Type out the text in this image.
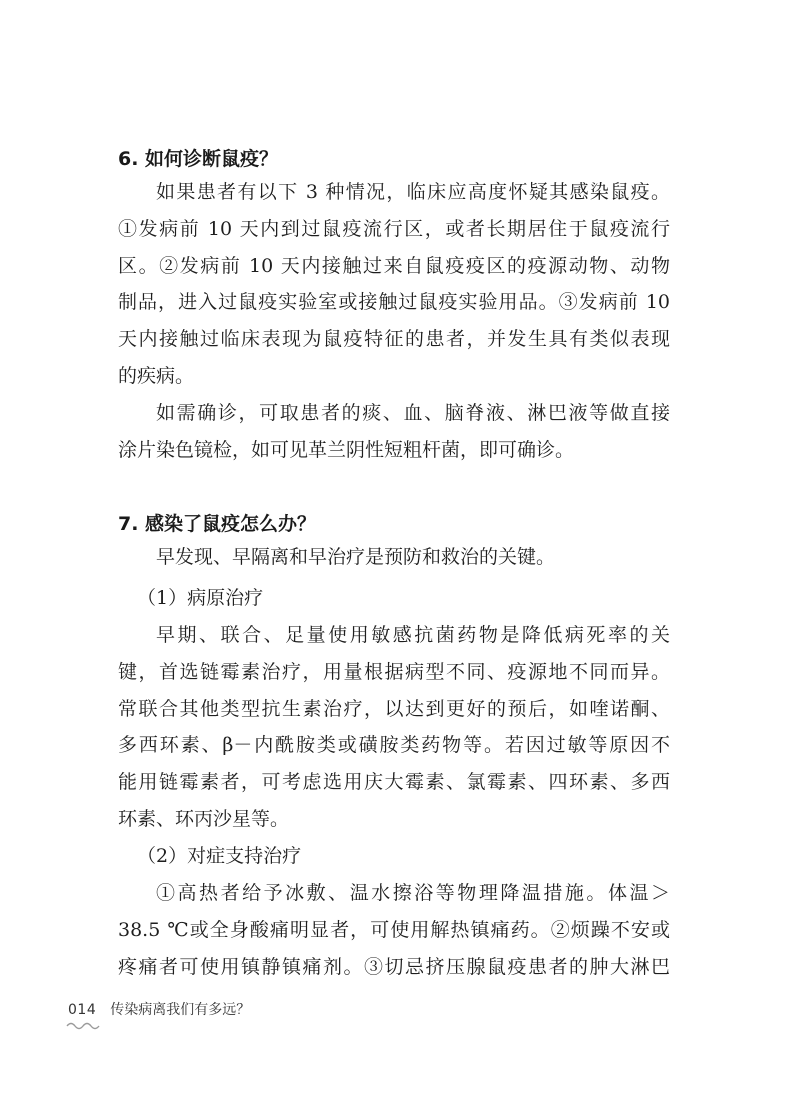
6. 如何诊断鼠疫？
如果患者有以下 3 种情况，临床应高度怀疑其感染鼠疫。
①发病前 10 天内到过鼠疫流行区，或者长期居住于鼠疫流行
区。②发病前 10 天内接触过来自鼠疫疫区的疫源动物、动物
制品，进入过鼠疫实验室或接触过鼠疫实验用品。③发病前 10
天内接触过临床表现为鼠疫特征的患者，并发生具有类似表现
的疾病。
如需确诊，可取患者的痰、血、脑脊液、淋巴液等做直接
涂片染色镜检，如可见革兰阴性短粗杆菌，即可确诊。
7. 感染了鼠疫怎么办？
早发现、早隔离和早治疗是预防和救治的关键。
（1）病原治疗
早期、联合、足量使用敏感抗菌药物是降低病死率的关
键，首选链霉素治疗，用量根据病型不同、疫源地不同而异。
常联合其他类型抗生素治疗，以达到更好的预后，如喹诺酮、
多西环素、β－内酰胺类或磺胺类药物等。若因过敏等原因不
能用链霉素者，可考虑选用庆大霉素、氯霉素、四环素、多西
环素、环丙沙星等。
（2）对症支持治疗
①高热者给予冰敷、温水擦浴等物理降温措施。体温＞
38.5 ℃或全身酸痛明显者，可使用解热镇痛药。②烦躁不安或
疼痛者可使用镇静镇痛剂。③切忌挤压腺鼠疫患者的肿大淋巴
014 传染病离我们有多远？
